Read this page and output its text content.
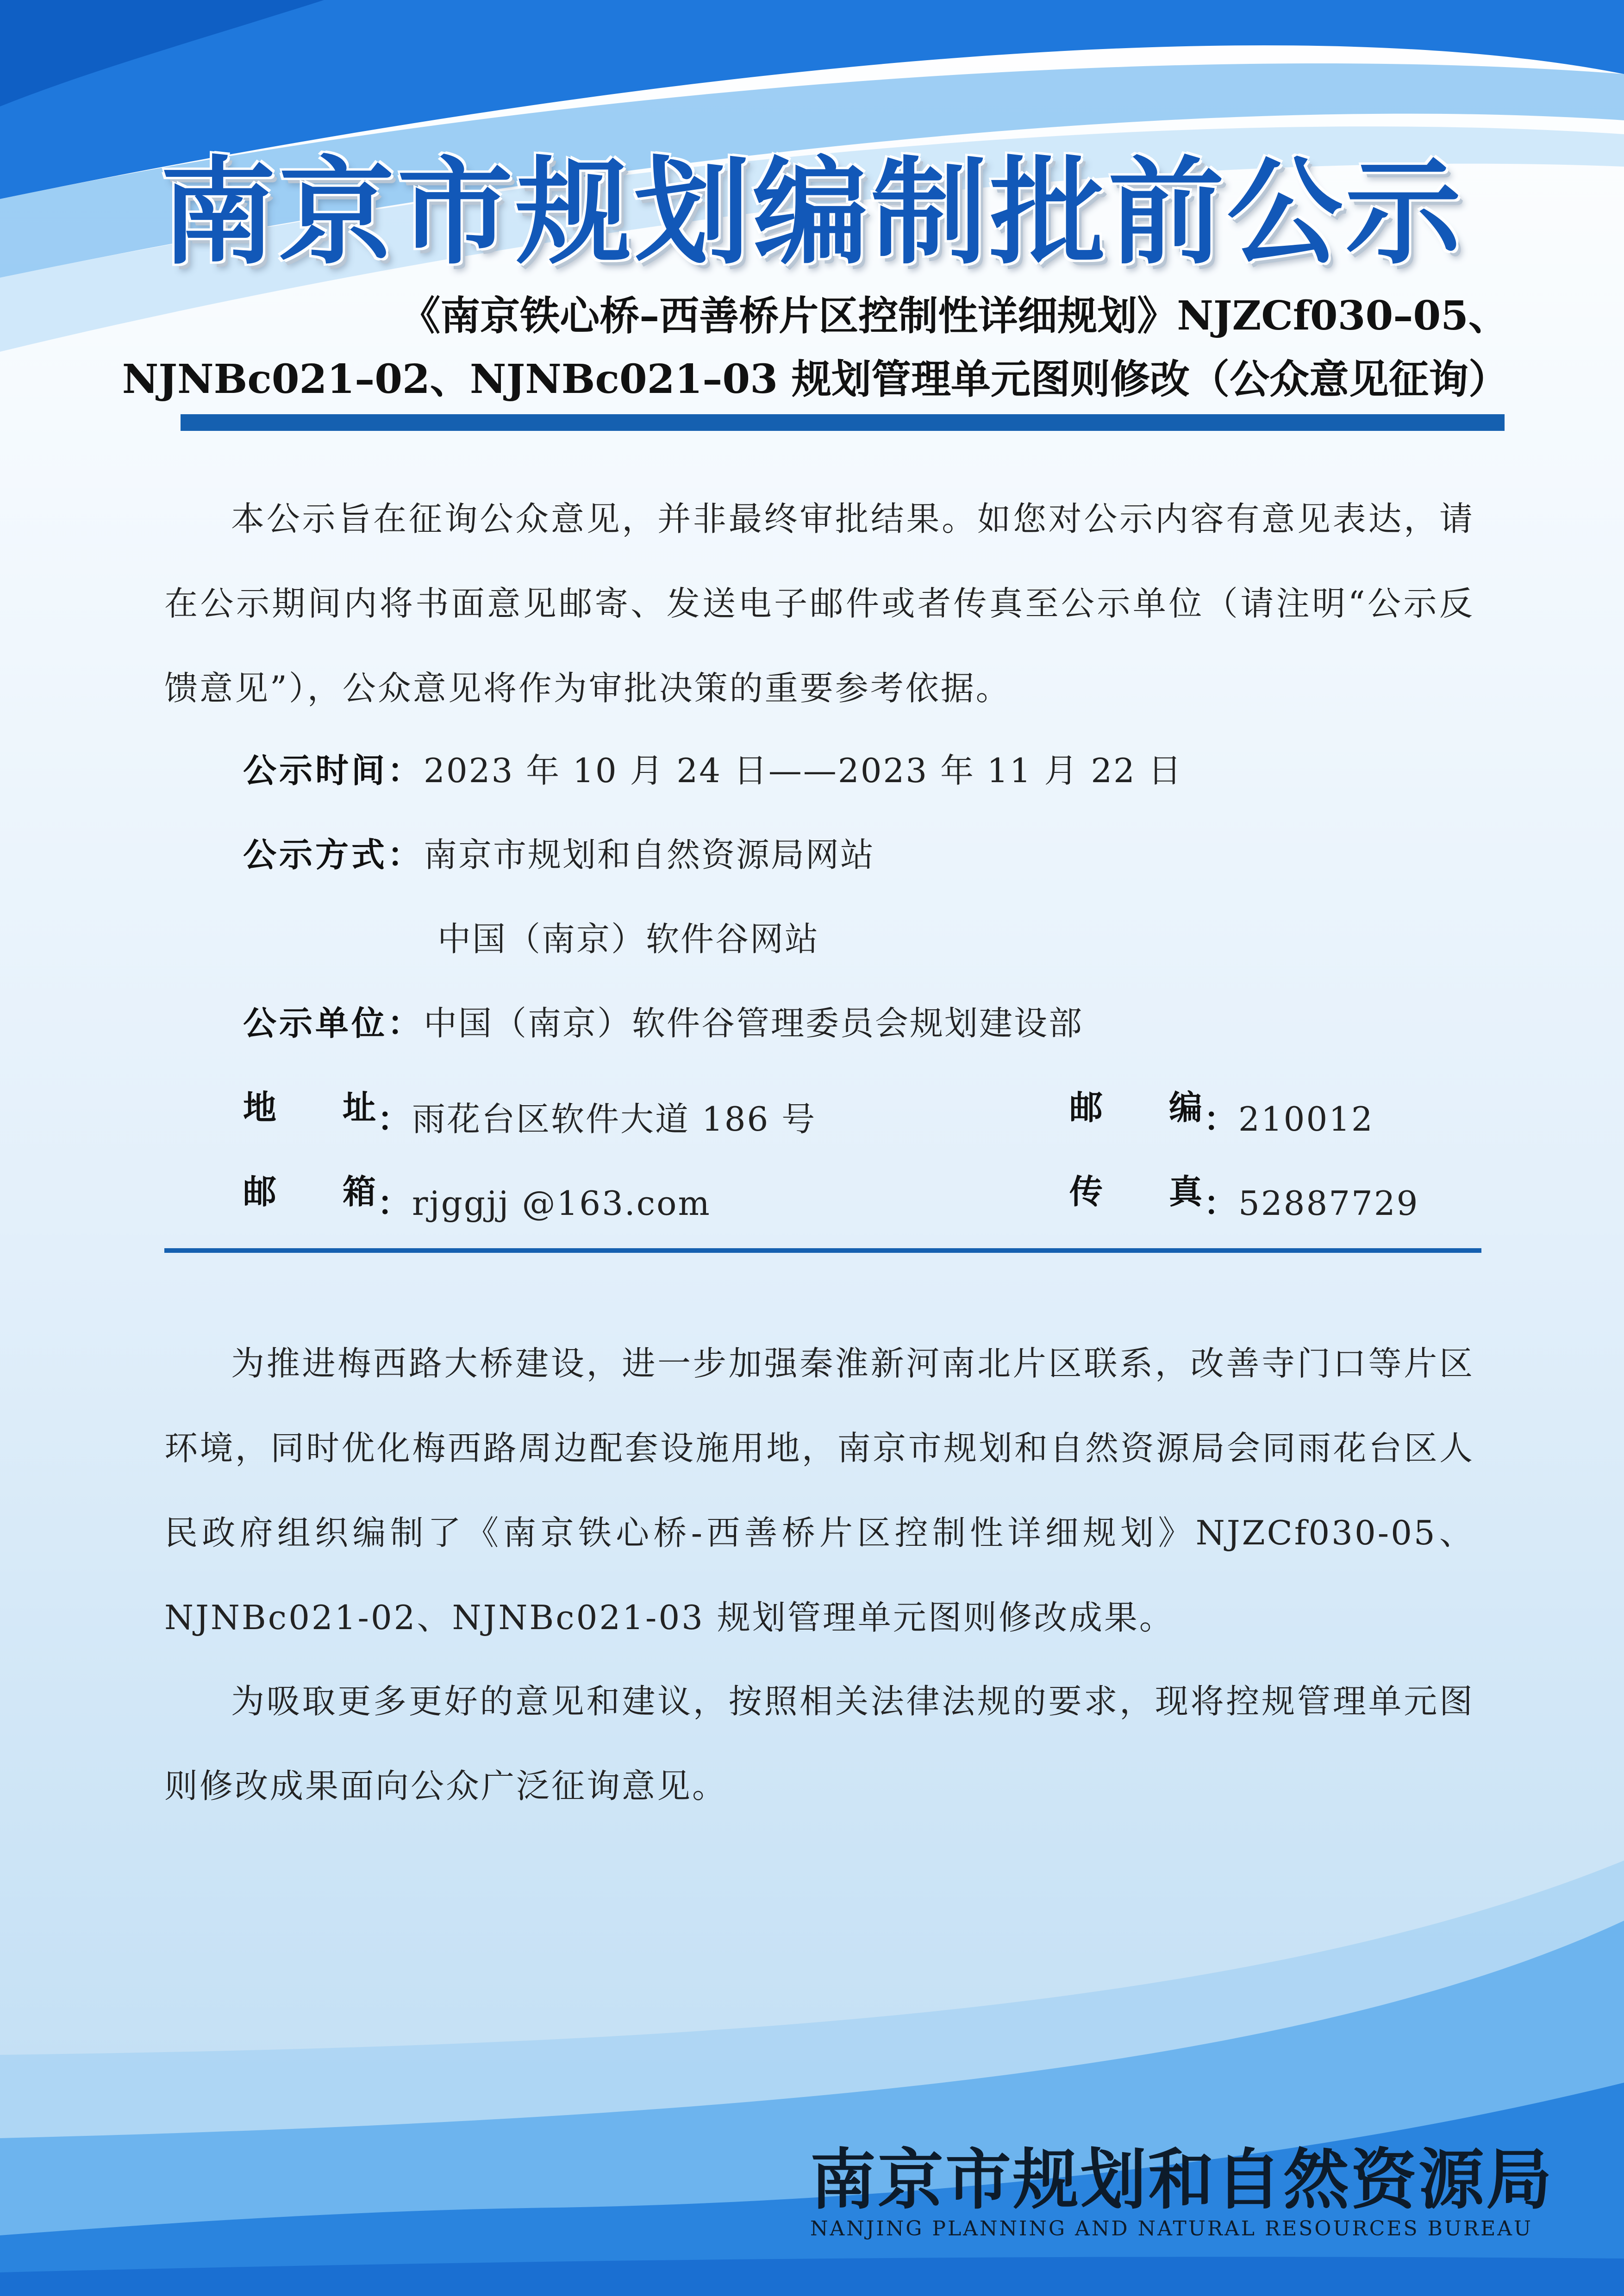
南京市规划编制批前公示
《南京铁心桥–西善桥片区控制性详细规划》NJZCf030–05、
NJNBc021–02、NJNBc021–03 规划管理单元图则修改（公众意见征询）
本公示旨在征询公众意见，并非最终审批结果。如您对公示内容有意见表达，请在公示期间内将书面意见邮寄、发送电子邮件或者传真至公示单位（请注明“公示反馈意见”），公众意见将作为审批决策的重要参考依据。
公示时间：2023 年 10 月 24 日——2023 年 11 月 22 日
公示方式：南京市规划和自然资源局网站
中国（南京）软件谷网站
公示单位：中国（南京）软件谷管理委员会规划建设部
地 址 ：雨花台区软件大道 186 号	邮 编 ：210012
邮 箱 ：rjggjj @163.com	传 真 ：52887729
为推进梅西路大桥建设，进一步加强秦淮新河南北片区联系，改善寺门口等片区环境，同时优化梅西路周边配套设施用地，南京市规划和自然资源局会同雨花台区人民政府组织编制了《南京铁心桥-西善桥片区控制性详细规划》NJZCf030-05、NJNBc021-02、NJNBc021-03 规划管理单元图则修改成果。
为吸取更多更好的意见和建议，按照相关法律法规的要求，现将控规管理单元图则修改成果面向公众广泛征询意见。
南京市规划和自然资源局
NANJING PLANNING AND NATURAL RESOURCES BUREAU
